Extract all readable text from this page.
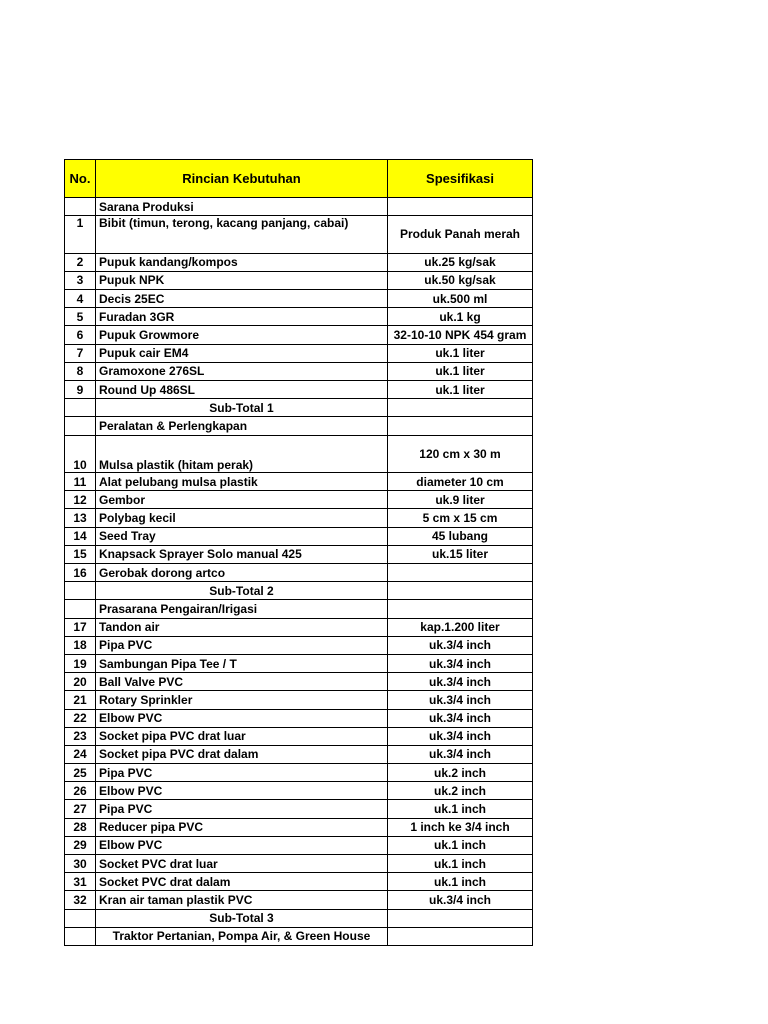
No.	Rincian Kebutuhan	Spesifikasi
	Sarana Produksi	
1	Bibit (timun, terong, kacang panjang, cabai)	Produk Panah merah
2	Pupuk kandang/kompos	uk.25 kg/sak
3	Pupuk NPK	uk.50 kg/sak
4	Decis 25EC	uk.500 ml
5	Furadan 3GR	uk.1 kg
6	Pupuk Growmore	32-10-10 NPK 454 gram
7	Pupuk cair EM4	uk.1 liter
8	Gramoxone 276SL	uk.1 liter
9	Round Up 486SL	uk.1 liter
	Sub-Total 1	
	Peralatan & Perlengkapan	
10	Mulsa plastik (hitam perak)	120 cm x 30 m
11	Alat pelubang mulsa plastik	diameter 10 cm
12	Gembor	uk.9 liter
13	Polybag kecil	5 cm x 15 cm
14	Seed Tray	45 lubang
15	Knapsack Sprayer Solo manual 425	uk.15 liter
16	Gerobak dorong artco	
	Sub-Total 2	
	Prasarana Pengairan/Irigasi	
17	Tandon air	kap.1.200 liter
18	Pipa PVC	uk.3/4 inch
19	Sambungan Pipa Tee / T	uk.3/4 inch
20	Ball Valve PVC	uk.3/4 inch
21	Rotary Sprinkler	uk.3/4 inch
22	Elbow PVC	uk.3/4 inch
23	Socket pipa PVC drat luar	uk.3/4 inch
24	Socket pipa PVC drat dalam	uk.3/4 inch
25	Pipa PVC	uk.2 inch
26	Elbow PVC	uk.2 inch
27	Pipa PVC	uk.1 inch
28	Reducer pipa PVC	1 inch ke 3/4 inch
29	Elbow PVC	uk.1 inch
30	Socket PVC drat luar	uk.1 inch
31	Socket PVC drat dalam	uk.1 inch
32	Kran air taman plastik PVC	uk.3/4 inch
	Sub-Total 3	
	Traktor Pertanian, Pompa Air, & Green House	
